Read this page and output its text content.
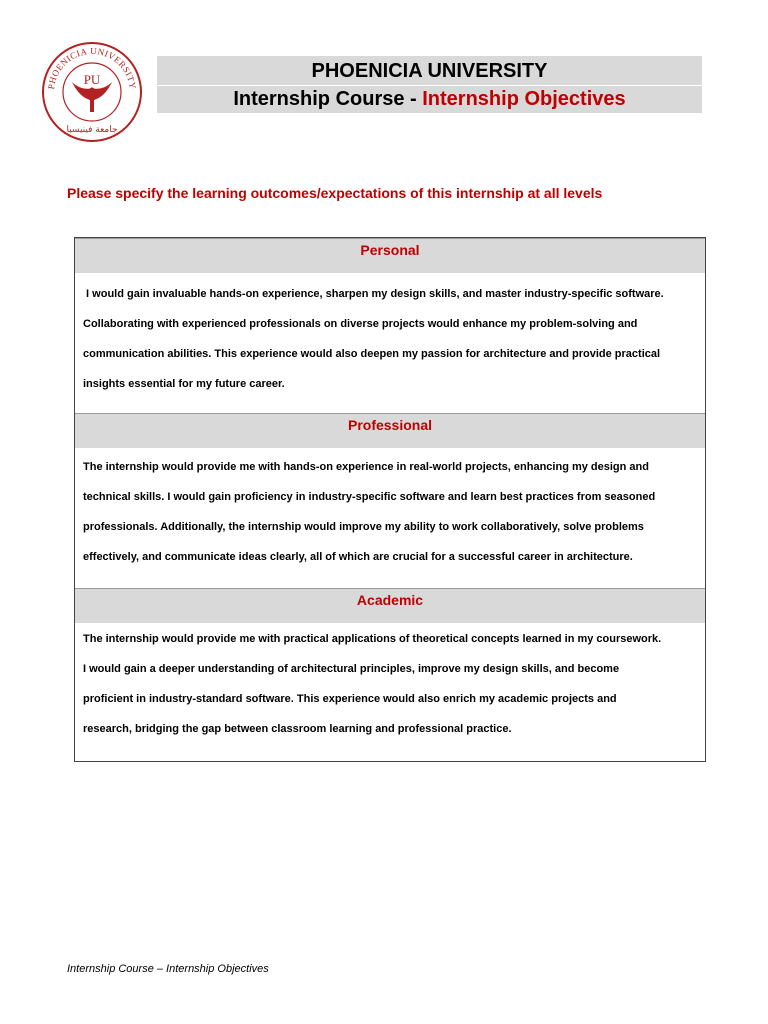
PHOENICIA UNIVERSITY
PU
جامعة فينيسيا
PHOENICIA UNIVERSITY
Internship Course - Internship Objectives
Please specify the learning outcomes/expectations of this internship at all levels
Personal
I would gain invaluable hands-on experience, sharpen my design skills, and master industry-specific software.
Collaborating with experienced professionals on diverse projects would enhance my problem-solving and
communication abilities. This experience would also deepen my passion for architecture and provide practical
insights essential for my future career.
Professional
The internship would provide me with hands-on experience in real-world projects, enhancing my design and
technical skills. I would gain proficiency in industry-specific software and learn best practices from seasoned
professionals. Additionally, the internship would improve my ability to work collaboratively, solve problems
effectively, and communicate ideas clearly, all of which are crucial for a successful career in architecture.
Academic
The internship would provide me with practical applications of theoretical concepts learned in my coursework.
I would gain a deeper understanding of architectural principles, improve my design skills, and become
proficient in industry-standard software. This experience would also enrich my academic projects and
research, bridging the gap between classroom learning and professional practice.
Internship Course – Internship Objectives
